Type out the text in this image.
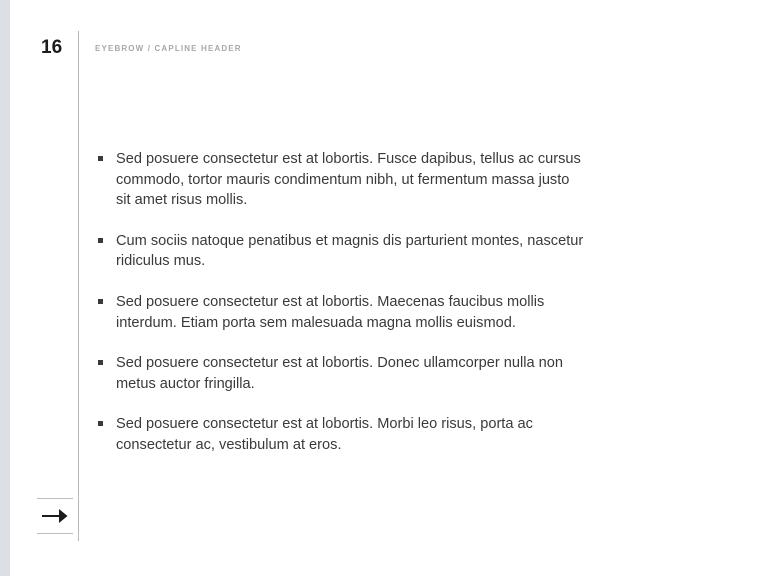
16	EYEBROW / CAPLINE HEADER
Sed posuere consectetur est at lobortis. Fusce dapibus, tellus ac cursus commodo, tortor mauris condimentum nibh, ut fermentum massa justo sit amet risus mollis.
Cum sociis natoque penatibus et magnis dis parturient montes, nascetur ridiculus mus.
Sed posuere consectetur est at lobortis. Maecenas faucibus mollis interdum. Etiam porta sem malesuada magna mollis euismod.
Sed posuere consectetur est at lobortis. Donec ullamcorper nulla non metus auctor fringilla.
Sed posuere consectetur est at lobortis. Morbi leo risus, porta ac consectetur ac, vestibulum at eros.
